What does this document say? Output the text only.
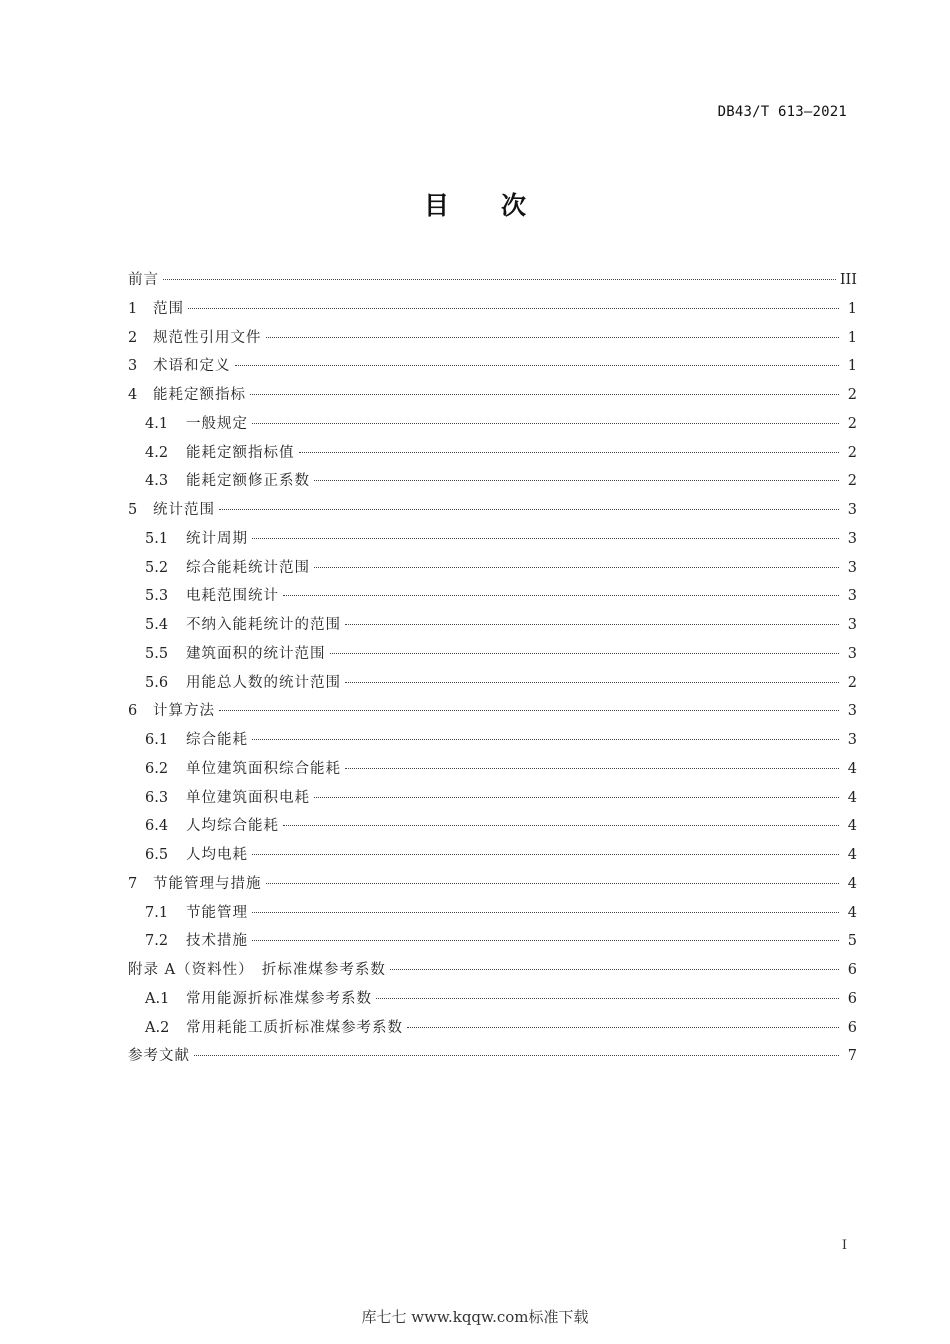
DB43/T 613—2021
目 次
前言	III
1	范围	1
2	规范性引用文件	1
3	术语和定义	1
4	能耗定额指标	2
4.1	一般规定	2
4.2	能耗定额指标值	2
4.3	能耗定额修正系数	2
5	统计范围	3
5.1	统计周期	3
5.2	综合能耗统计范围	3
5.3	电耗范围统计	3
5.4	不纳入能耗统计的范围	3
5.5	建筑面积的统计范围	3
5.6	用能总人数的统计范围	2
6	计算方法	3
6.1	综合能耗	3
6.2	单位建筑面积综合能耗	4
6.3	单位建筑面积电耗	4
6.4	人均综合能耗	4
6.5	人均电耗	4
7	节能管理与措施	4
7.1	节能管理	4
7.2	技术措施	5
附录 A（资料性）　折标准煤参考系数	6
A.1	常用能源折标准煤参考系数	6
A.2	常用耗能工质折标准煤参考系数	6
参考文献	7
I
库七七 www.kqqw.com标准下载
